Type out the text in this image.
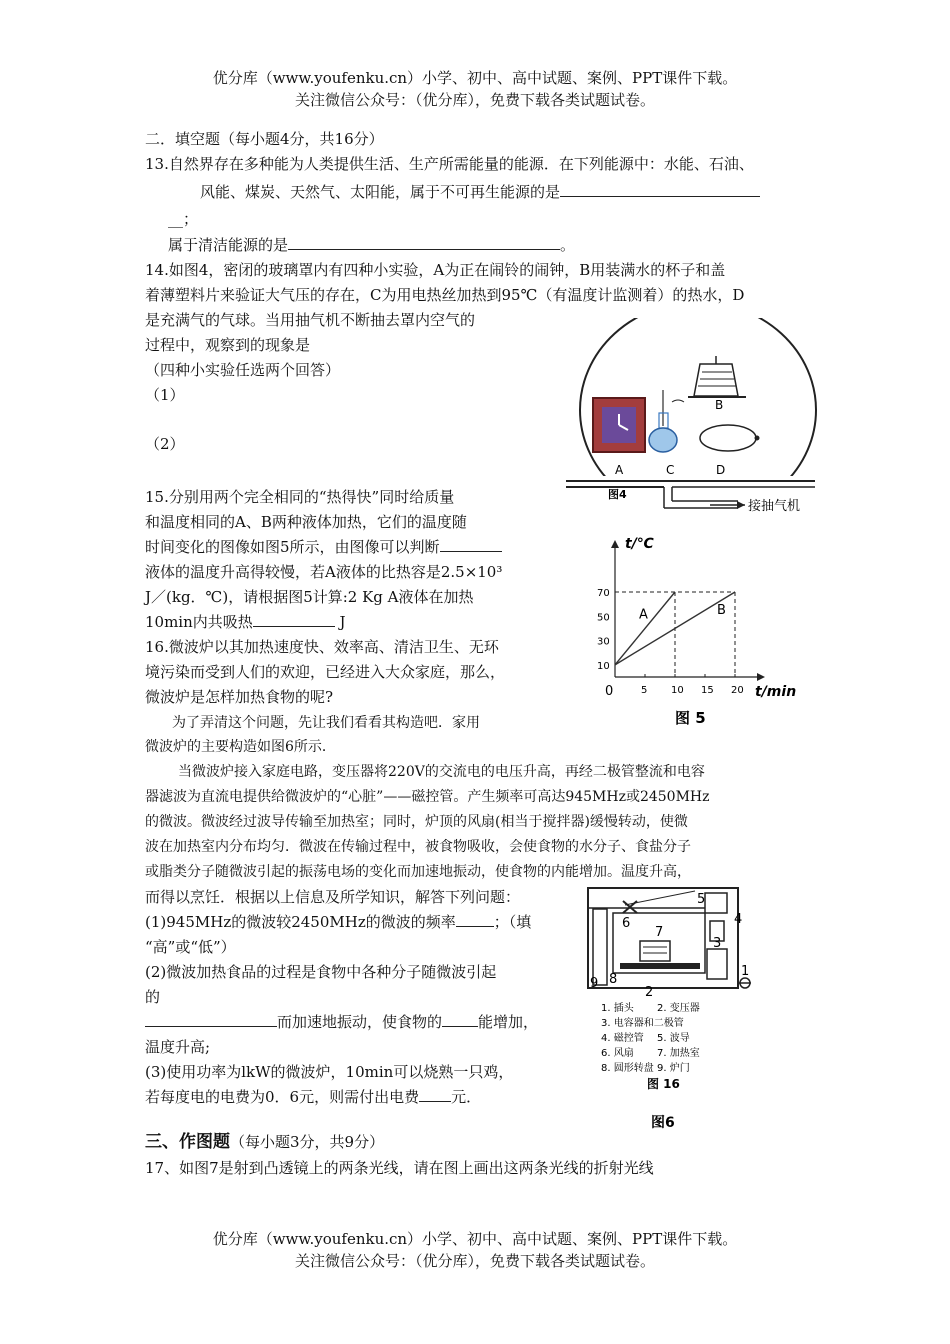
优分库（www.youfenku.cn）小学、初中、高中试题、案例、PPT课件下载。
关注微信公众号：（优分库），免费下载各类试题试卷。
二．填空题（每小题4分，共16分）
13.自然界存在多种能为人类提供生活、生产所需能量的能源．在下列能源中：水能、石油、
风能、煤炭、天然气、太阳能，属于不可再生能源的是
__；
属于清洁能源的是	。
14.如图4，密闭的玻璃罩内有四种小实验，A为正在闹铃的闹钟，B用装满水的杯子和盖
着薄塑料片来验证大气压的存在，C为用电热丝加热到95℃（有温度计监测着）的热水，D
是充满气的气球。当用抽气机不断抽去罩内空气的
过程中，观察到的现象是
（四种小实验任选两个回答）
（1）
（2）
A	C
B
D
图4
接抽气机
15.分别用两个完全相同的“热得快”同时给质量
和温度相同的A、B两种液体加热，它们的温度随
时间变化的图像如图5所示，由图像可以判断
液体的温度升高得较慢，若A液体的比热容是2.5×10³
J／(kg．℃)，请根据图5计算:2 Kg A液体在加热
10min内共吸热	J
5 10 15 20
10
30
50
70
A	B
t/℃
t/min
0
图 5
16.微波炉以其加热速度快、效率高、清洁卫生、无环
境污染而受到人们的欢迎，已经进入大众家庭，那么，
微波炉是怎样加热食物的呢?
为了弄清这个问题，先让我们看看其构造吧．家用
微波炉的主要构造如图6所示．
当微波炉接入家庭电路，变压器将220V的交流电的电压升高，再经二极管整流和电容
器滤波为直流电提供给微波炉的“心脏”——磁控管。产生频率可高达945MHz或2450MHz
的微波。微波经过波导传输至加热室；同时，炉顶的风扇(相当于搅拌器)缓慢转动，使微
波在加热室内分布均匀．微波在传输过程中，被食物吸收，会使食物的水分子、食盐分子
或脂类分子随微波引起的振荡电场的变化而加速地振动，使食物的内能增加。温度升高，
而得以烹饪．根据以上信息及所学知识，解答下列问题：
(1)945MHz的微波较2450MHz的微波的频率	；（填
“高”或“低”）
(2)微波加热食品的过程是食物中各种分子随微波引起
的
而加速地振动，使食物的 能增加，
温度升高;
(3)使用功率为lkW的微波炉，10min可以烧熟一只鸡，
若每度电的电费为0．6元，则需付出电费 元．
1
2
3
4
5
6
7
8
9
1. 插头 2. 变压器
3. 电容器和二极管
4. 磁控管 5. 波导
6. 风扇 7. 加热室
8. 圆形转盘 9. 炉门
图 16
图6
三、作图题（每小题3分，共9分）
17、如图7是射到凸透镜上的两条光线，请在图上画出这两条光线的折射光线
优分库（www.youfenku.cn）小学、初中、高中试题、案例、PPT课件下载。
关注微信公众号：（优分库），免费下载各类试题试卷。
